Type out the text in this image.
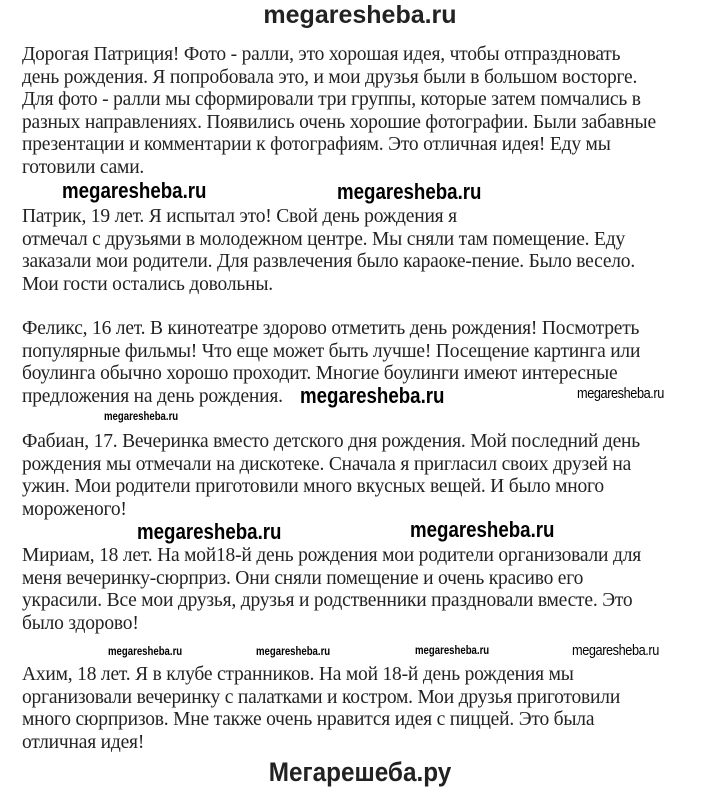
megaresheba.ru
Дорогая Патриция! Фото - ралли, это хорошая идея, чтобы отпраздновать
день рождения. Я попробовала это, и мои друзья были в большом восторге.
Для фото - ралли мы сформировали три группы, которые затем помчались в
разных направлениях. Появились очень хорошие фотографии. Были забавные
презентации и комментарии к фотографиям. Это отличная идея! Еду мы
готовили сами.
Патрик, 19 лет. Я испытал это! Свой день рождения я
отмечал с друзьями в молодежном центре. Мы сняли там помещение. Еду
заказали мои родители. Для развлечения было караоке-пение. Было весело.
Мои гости остались довольны.
Феликс, 16 лет. В кинотеатре здорово отметить день рождения! Посмотреть
популярные фильмы! Что еще может быть лучше! Посещение картинга или
боулинга обычно хорошо проходит. Многие боулинги имеют интересные
предложения на день рождения.
Фабиан, 17. Вечеринка вместо детского дня рождения. Мой последний день
рождения мы отмечали на дискотеке. Сначала я пригласил своих друзей на
ужин. Мои родители приготовили много вкусных вещей. И было много
мороженого!
Мириам, 18 лет. На мой18-й день рождения мои родители организовали для
меня вечеринку-сюрприз. Они сняли помещение и очень красиво его
украсили. Все мои друзья, друзья и родственники праздновали вместе. Это
было здорово!
Ахим, 18 лет. Я в клубе странников. На мой 18-й день рождения мы
организовали вечеринку с палатками и костром. Мои друзья приготовили
много сюрпризов. Мне также очень нравится идея с пиццей. Это была
отличная идея!
megaresheba.ru	megaresheba.ru
megaresheba.ru
megaresheba.ru	megaresheba.ru
megaresheba.ru	megaresheba.ru
megaresheba.ru	megaresheba.ru	megaresheba.ru
megaresheba.ru
Мегарешеба.ру
